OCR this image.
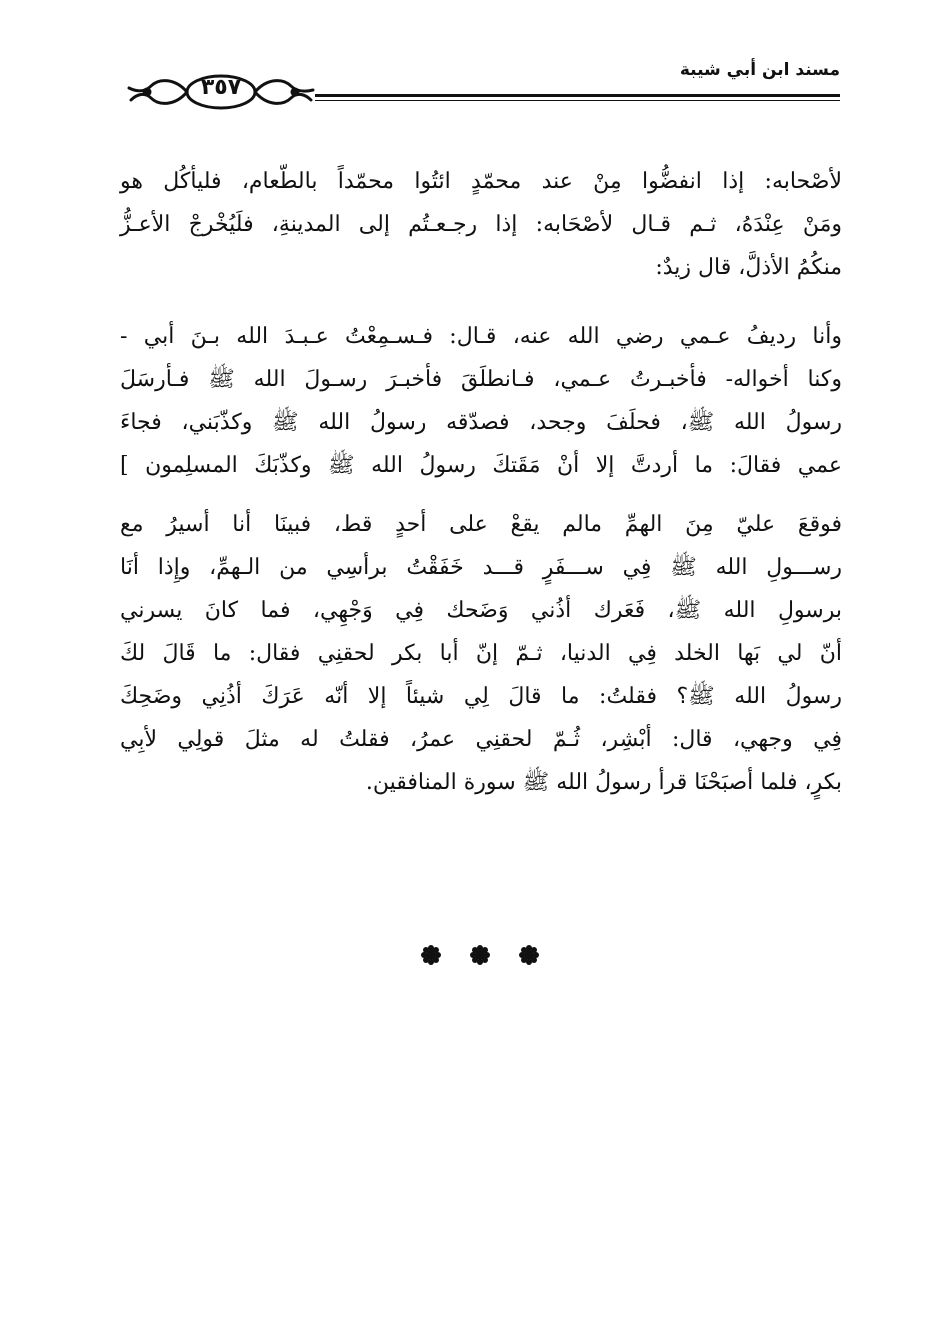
مسند ابن أبي شيبة
٣٥٧
لأصْحابه: إذا انفضُّوا مِنْ عند محمّدٍ ائتُوا محمّداً بالطّعام، فليأكُل هو
ومَنْ عِنْدَهُ، ثـم قـال لأصْحَابه: إذا رجـعـتُم إلى المدينةِ، فلَيُخْرجْ الأعـزُّ
منكُمُ الأذلَّ، قال زيدٌ:
وأنا رديفُ عـمي رضي الله عنه، قـال: فـسـمِعْتُ عـبـدَ الله بـنَ أبي -
وكنا أخواله- فأخبـرتُ عـمي، فـانطلَقَ فأخبـرَ رسـولَ الله ﷺ فـأرسَلَ
رسولُ الله ﷺ، فحلَفَ وجحد، فصدّقه رسولُ الله ﷺ وكذّبَني، فجاءَ
عمي فقالَ: ما أردتَّ إلا أنْ مَقَتكَ رسولُ الله ﷺ وكذّبَكَ المسلِمون ]
فوقعَ عليّ مِنَ الهمِّ مالم يقعْ على أحدٍ قط، فبينَا أنا أسيرُ مع
رســـولِ الله ﷺ فِي ســـفَرٍ قـــد خَفَقْتُ برأسِي من الـهمِّ، وإِذا أنَا
برسولِ الله ﷺ، فَعَرك أذُني وَضَحك فِي وَجْهِي، فما كانَ يسرني
أنّ لي بَها الخلد فِي الدنيا، ثـمّ إنّ أبا بكر لحقنِي فقال: ما قَالَ لكَ
رسولُ الله ﷺ؟ فقلتُ: ما قالَ لِي شيئاً إلا أنّه عَرَكَ أذُنِي وضَحِكَ
فِي وجهي، قال: أبْشِر، ثُـمّ لحقنِي عمرُ، فقلتُ له مثلَ قولِي لأبِي
بكرٍ، فلما أصبَحْنَا قرأ رسولُ الله ﷺ سورة المنافقين.
